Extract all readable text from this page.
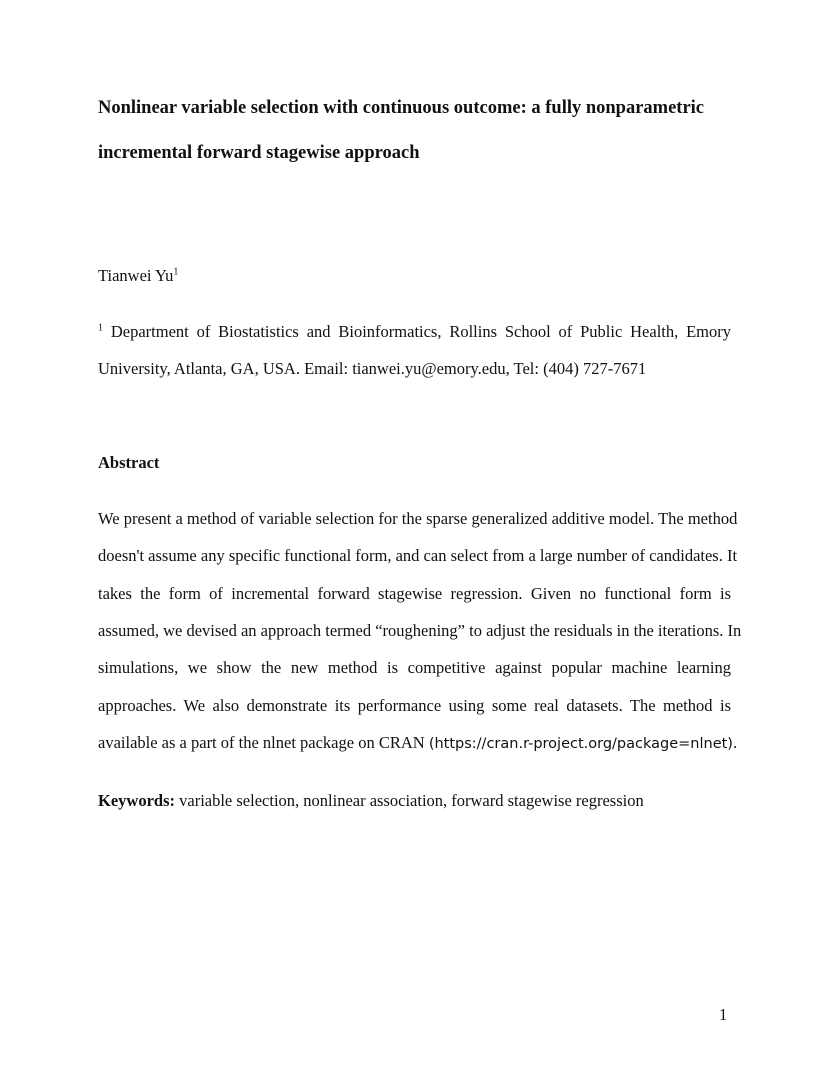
Nonlinear variable selection with continuous outcome: a fully nonparametric
incremental forward stagewise approach
Tianwei Yu$^1$
$^1$ Department of Biostatistics and Bioinformatics, Rollins School of Public Health, Emory
University, Atlanta, GA, USA. Email: tianwei.yu@emory.edu, Tel: (404) 727-7671
Abstract
We present a method of variable selection for the sparse generalized additive model. The method
doesn't assume any specific functional form, and can select from a large number of candidates. It
takes the form of incremental forward stagewise regression. Given no functional form is
assumed, we devised an approach termed “roughening” to adjust the residuals in the iterations. In
simulations, we show the new method is competitive against popular machine learning
approaches. We also demonstrate its performance using some real datasets. The method is
available as a part of the nlnet package on CRAN (https://cran.r-project.org/package=nlnet).
Keywords: variable selection, nonlinear association, forward stagewise regression
1
